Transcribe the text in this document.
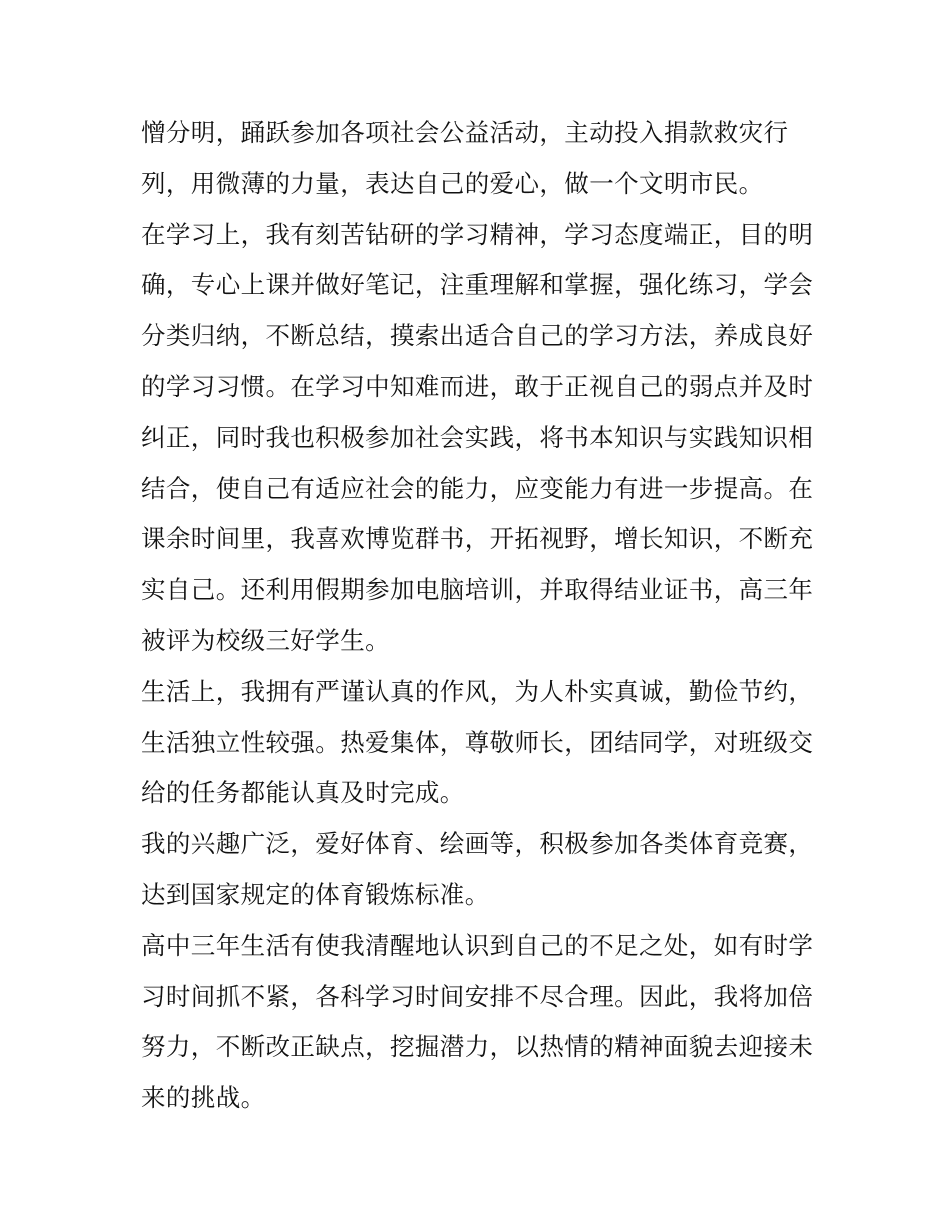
憎分明，踊跃参加各项社会公益活动，主动投入捐款救灾行
列，用微薄的力量，表达自己的爱心，做一个文明市民。
在学习上，我有刻苦钻研的学习精神，学习态度端正，目的明
确，专心上课并做好笔记，注重理解和掌握，强化练习，学会
分类归纳，不断总结，摸索出适合自己的学习方法，养成良好
的学习习惯。在学习中知难而进，敢于正视自己的弱点并及时
纠正，同时我也积极参加社会实践，将书本知识与实践知识相
结合，使自己有适应社会的能力，应变能力有进一步提高。在
课余时间里，我喜欢博览群书，开拓视野，增长知识，不断充
实自己。还利用假期参加电脑培训，并取得结业证书，高三年
被评为校级三好学生。
生活上，我拥有严谨认真的作风，为人朴实真诚，勤俭节约，
生活独立性较强。热爱集体，尊敬师长，团结同学，对班级交
给的任务都能认真及时完成。
我的兴趣广泛，爱好体育、绘画等，积极参加各类体育竞赛，
达到国家规定的体育锻炼标准。
高中三年生活有使我清醒地认识到自己的不足之处，如有时学
习时间抓不紧，各科学习时间安排不尽合理。因此，我将加倍
努力，不断改正缺点，挖掘潜力，以热情的精神面貌去迎接未
来的挑战。
